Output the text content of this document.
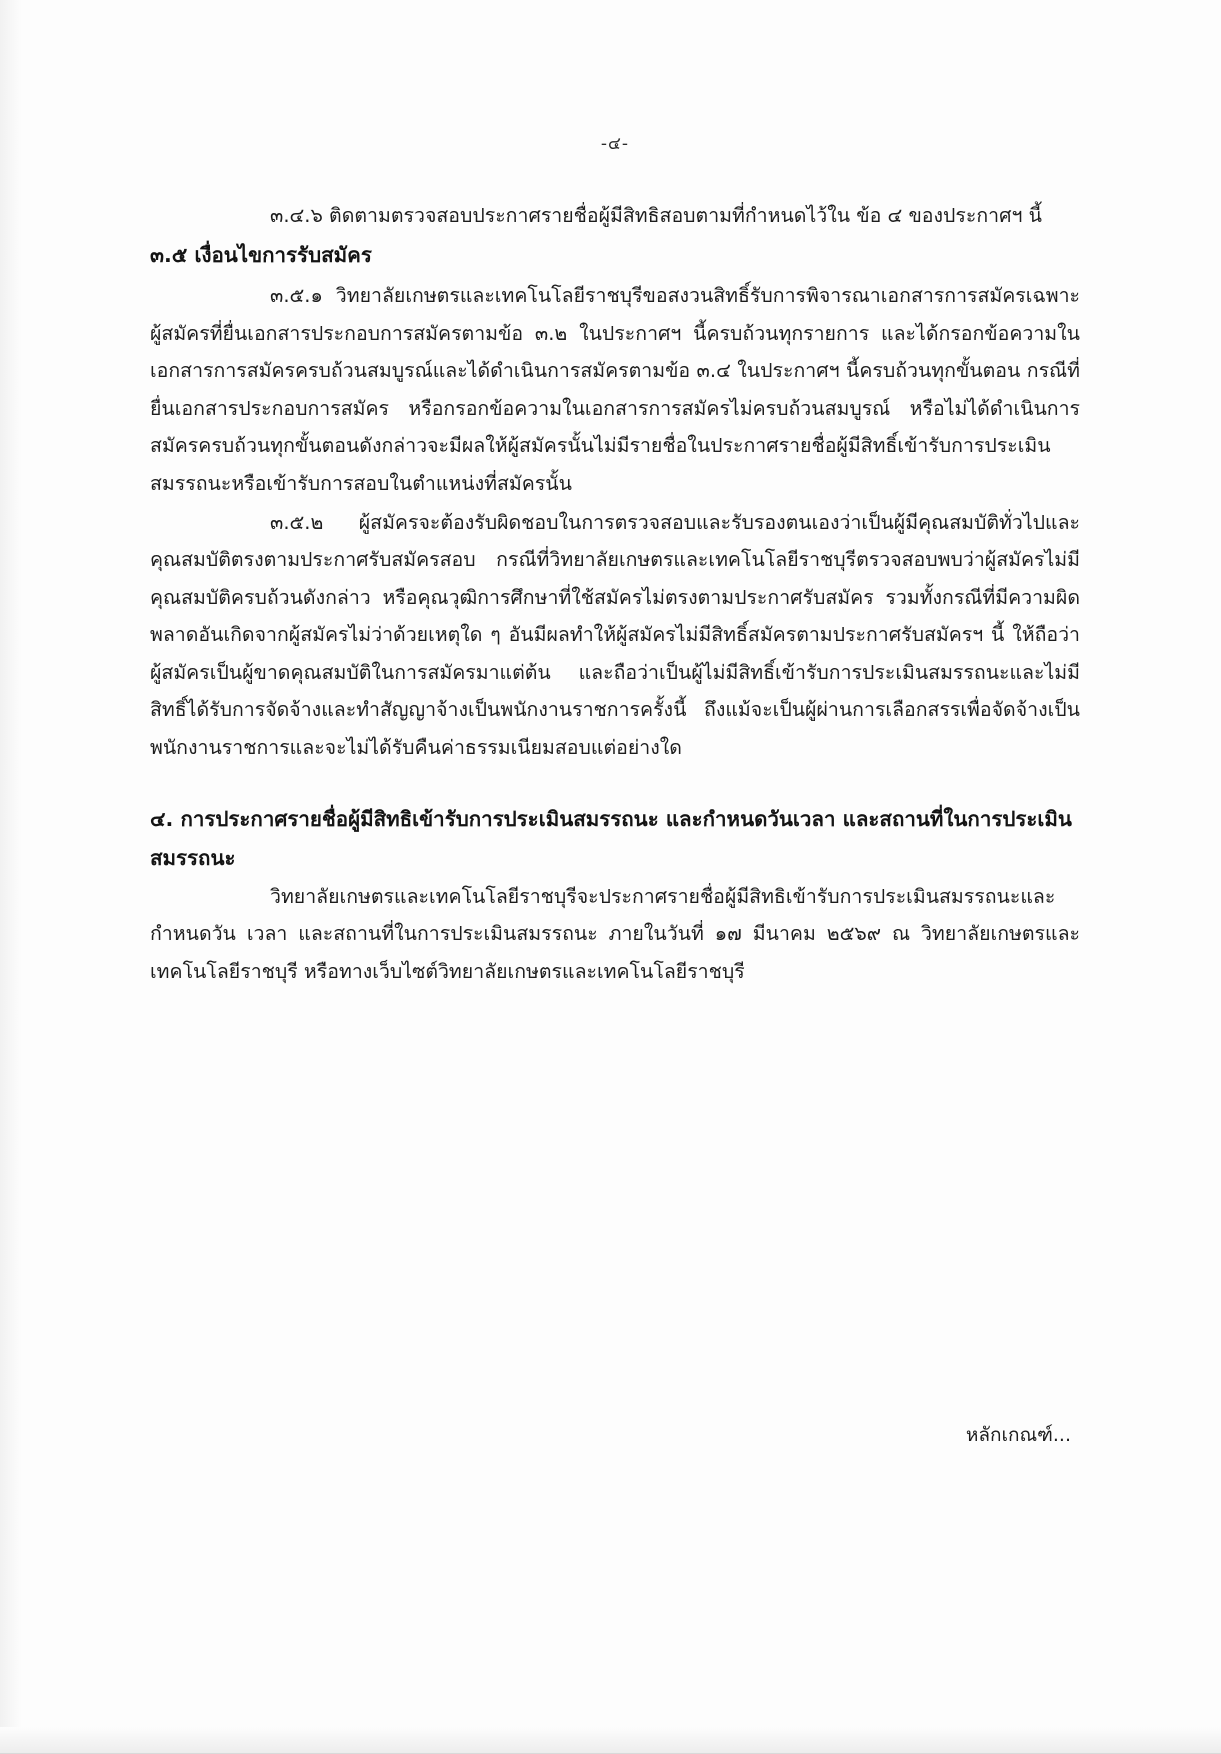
-๔-

๓.๔.๖ ติดตามตรวจสอบประกาศรายชื่อผู้มีสิทธิสอบตามที่กำหนดไว้ใน ข้อ ๔ ของประกาศฯ นี้

๓.๕ เงื่อนไขการรับสมัคร

๓.๕.๑ วิทยาลัยเกษตรและเทคโนโลยีราชบุรีขอสงวนสิทธิ์รับการพิจารณาเอกสารการสมัครเฉพาะผู้สมัครที่ยื่นเอกสารประกอบการสมัครตามข้อ ๓.๒ ในประกาศฯ นี้ครบถ้วนทุกรายการ และได้กรอกข้อความในเอกสารการสมัครครบถ้วนสมบูรณ์และได้ดำเนินการสมัครตามข้อ ๓.๔ ในประกาศฯ นี้ครบถ้วนทุกขั้นตอน กรณีที่ยื่นเอกสารประกอบการสมัคร หรือกรอกข้อความในเอกสารการสมัครไม่ครบถ้วนสมบูรณ์ หรือไม่ได้ดำเนินการสมัครครบถ้วนทุกขั้นตอนดังกล่าวจะมีผลให้ผู้สมัครนั้นไม่มีรายชื่อในประกาศรายชื่อผู้มีสิทธิ์เข้ารับการประเมินสมรรถนะหรือเข้ารับการสอบในตำแหน่งที่สมัครนั้น

๓.๕.๒ ผู้สมัครจะต้องรับผิดชอบในการตรวจสอบและรับรองตนเองว่าเป็นผู้มีคุณสมบัติทั่วไปและคุณสมบัติตรงตามประกาศรับสมัครสอบ กรณีที่วิทยาลัยเกษตรและเทคโนโลยีราชบุรีตรวจสอบพบว่าผู้สมัครไม่มีคุณสมบัติครบถ้วนดังกล่าว หรือคุณวุฒิการศึกษาที่ใช้สมัครไม่ตรงตามประกาศรับสมัคร รวมทั้งกรณีที่มีความผิดพลาดอันเกิดจากผู้สมัครไม่ว่าด้วยเหตุใด ๆ อันมีผลทำให้ผู้สมัครไม่มีสิทธิ์สมัครตามประกาศรับสมัครฯ นี้ ให้ถือว่าผู้สมัครเป็นผู้ขาดคุณสมบัติในการสมัครมาแต่ต้น และถือว่าเป็นผู้ไม่มีสิทธิ์เข้ารับการประเมินสมรรถนะและไม่มีสิทธิ์ได้รับการจัดจ้างและทำสัญญาจ้างเป็นพนักงานราชการครั้งนี้ ถึงแม้จะเป็นผู้ผ่านการเลือกสรรเพื่อจัดจ้างเป็นพนักงานราชการและจะไม่ได้รับคืนค่าธรรมเนียมสอบแต่อย่างใด

๔. การประกาศรายชื่อผู้มีสิทธิเข้ารับการประเมินสมรรถนะ และกำหนดวันเวลา และสถานที่ในการประเมินสมรรถนะ

วิทยาลัยเกษตรและเทคโนโลยีราชบุรีจะประกาศรายชื่อผู้มีสิทธิเข้ารับการประเมินสมรรถนะและกำหนดวัน เวลา และสถานที่ในการประเมินสมรรถนะ ภายในวันที่ ๑๗ มีนาคม ๒๕๖๙ ณ วิทยาลัยเกษตรและเทคโนโลยีราชบุรี หรือทางเว็บไซต์วิทยาลัยเกษตรและเทคโนโลยีราชบุรี

หลักเกณฑ์...
